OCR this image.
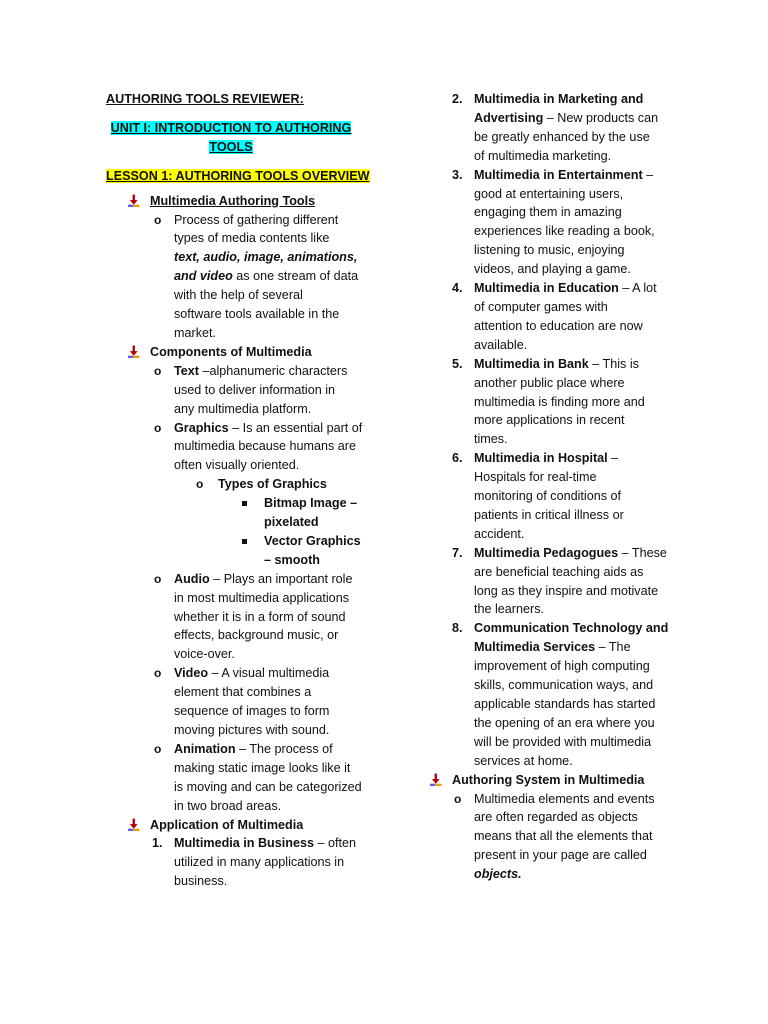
AUTHORING TOOLS REVIEWER:
UNIT I: INTRODUCTION TO AUTHORING
TOOLS
LESSON 1: AUTHORING TOOLS OVERVIEW
Multimedia Authoring Tools
o Process of gathering different
types of media contents like
text, audio, image, animations,
and video as one stream of data
with the help of several
software tools available in the
market.
Components of Multimedia
o Text –alphanumeric characters
used to deliver information in
any multimedia platform.
o Graphics – Is an essential part of
multimedia because humans are
often visually oriented.
o Types of Graphics
Bitmap Image –
pixelated
Vector Graphics
– smooth
o Audio – Plays an important role
in most multimedia applications
whether it is in a form of sound
effects, background music, or
voice-over.
o Video – A visual multimedia
element that combines a
sequence of images to form
moving pictures with sound.
o Animation – The process of
making static image looks like it
is moving and can be categorized
in two broad areas.
Application of Multimedia
1. Multimedia in Business – often
utilized in many applications in
business.
2. Multimedia in Marketing and
Advertising – New products can
be greatly enhanced by the use
of multimedia marketing.
3. Multimedia in Entertainment –
good at entertaining users,
engaging them in amazing
experiences like reading a book,
listening to music, enjoying
videos, and playing a game.
4. Multimedia in Education – A lot
of computer games with
attention to education are now
available.
5. Multimedia in Bank – This is
another public place where
multimedia is finding more and
more applications in recent
times.
6. Multimedia in Hospital –
Hospitals for real-time
monitoring of conditions of
patients in critical illness or
accident.
7. Multimedia Pedagogues – These
are beneficial teaching aids as
long as they inspire and motivate
the learners.
8. Communication Technology and
Multimedia Services – The
improvement of high computing
skills, communication ways, and
applicable standards has started
the opening of an era where you
will be provided with multimedia
services at home.
Authoring System in Multimedia
o Multimedia elements and events
are often regarded as objects
means that all the elements that
present in your page are called
objects.
